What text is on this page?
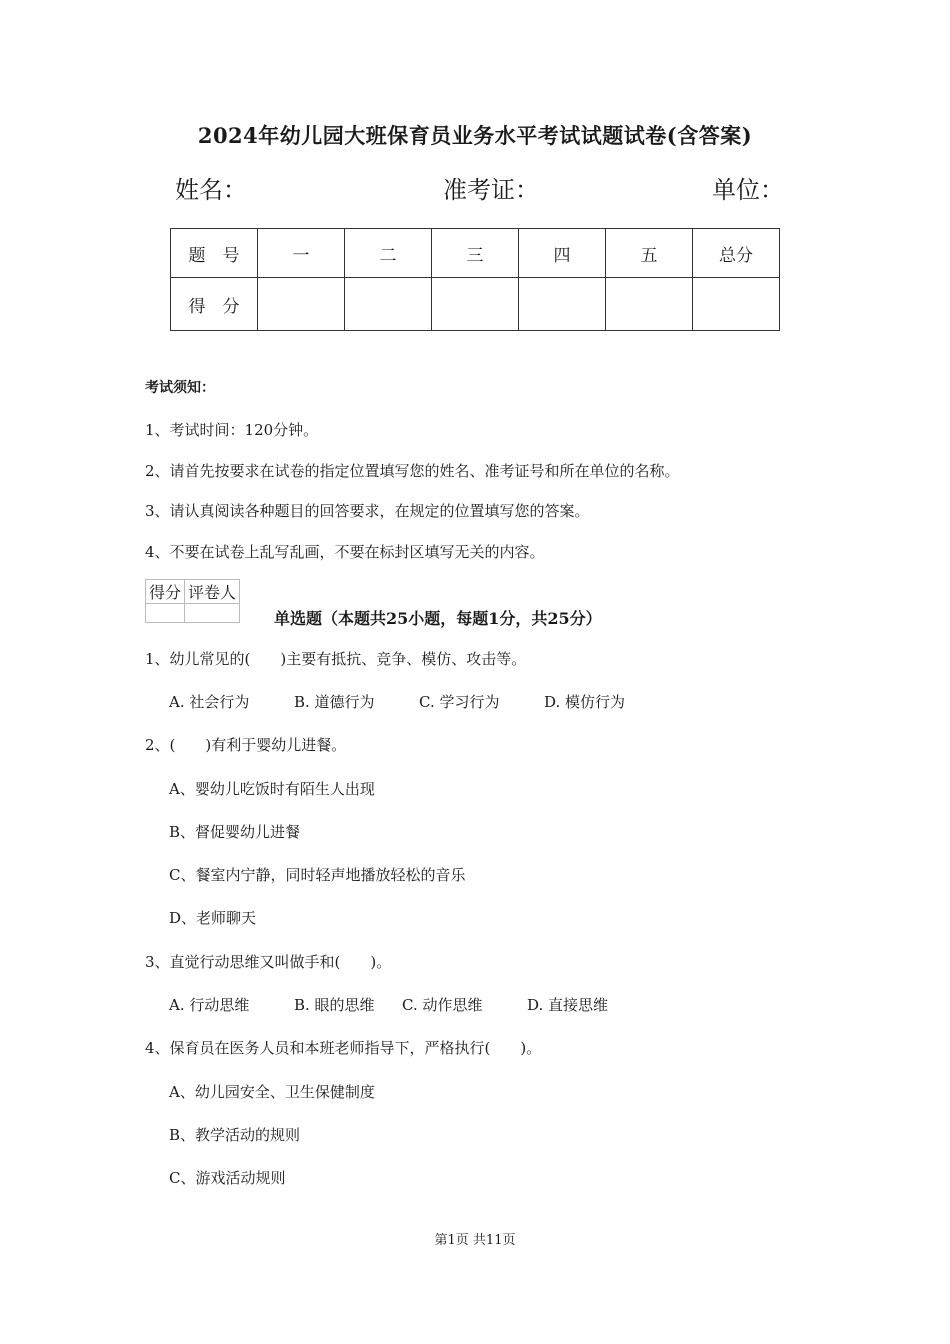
2024年幼儿园大班保育员业务水平考试试题试卷(含答案)
姓名：	准考证：	单位：
题　号	一	二	三	四	五	总分
得　分						
考试须知：
1、考试时间：120分钟。
2、请首先按要求在试卷的指定位置填写您的姓名、准考证号和所在单位的名称。
3、请认真阅读各种题目的回答要求，在规定的位置填写您的答案。
4、不要在试卷上乱写乱画，不要在标封区填写无关的内容。
得分	评卷人

单选题（本题共25小题，每题1分，共25分）
1、幼儿常见的(　　)主要有抵抗、竞争、模仿、攻击等。
A. 社会行为	B. 道德行为	C. 学习行为	D. 模仿行为
2、(　　)有利于婴幼儿进餐。
A、婴幼儿吃饭时有陌生人出现
B、督促婴幼儿进餐
C、餐室内宁静，同时轻声地播放轻松的音乐
D、老师聊天
3、直觉行动思维又叫做手和(　　)。
A. 行动思维	B. 眼的思维 C. 动作思维	D. 直接思维
4、保育员在医务人员和本班老师指导下，严格执行(　　)。
A、幼儿园安全、卫生保健制度
B、教学活动的规则
C、游戏活动规则
第1页 共11页
